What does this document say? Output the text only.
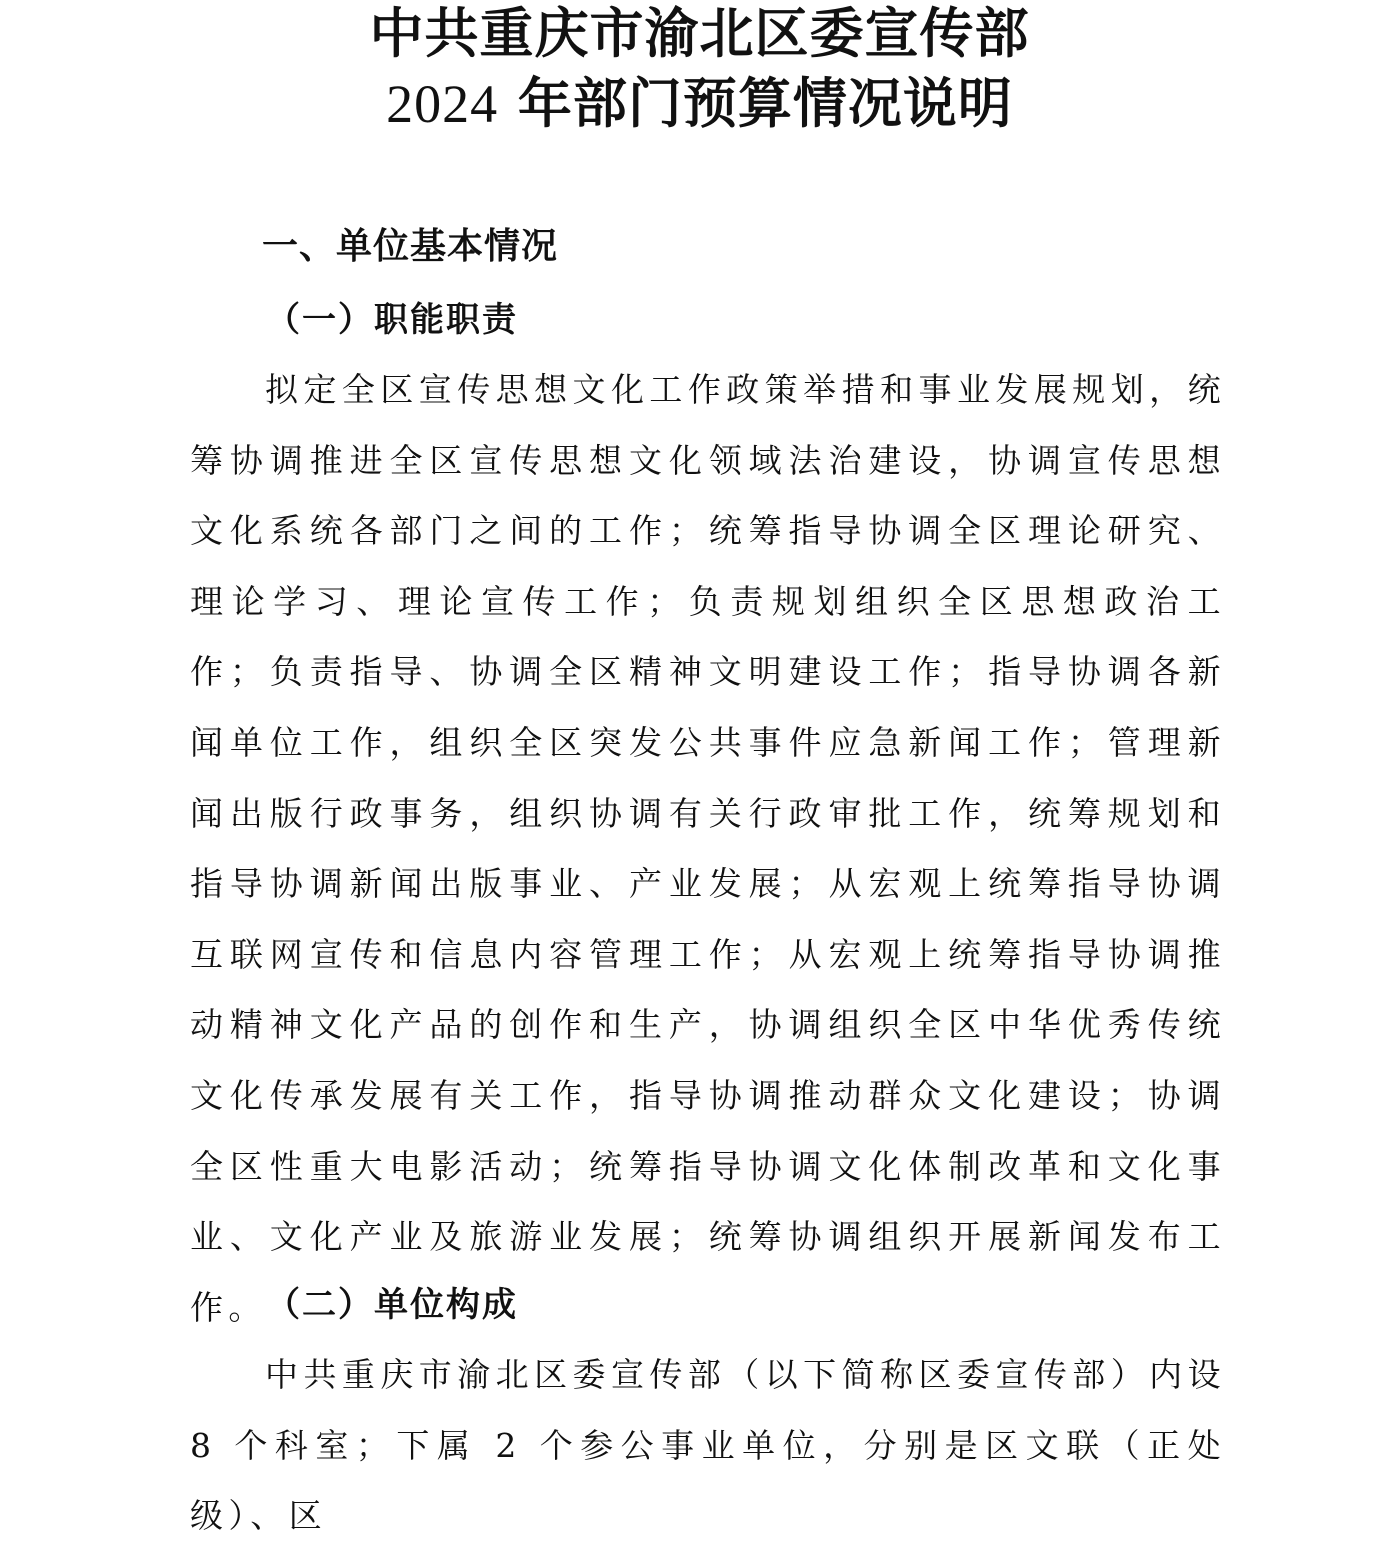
中共重庆市渝北区委宣传部
2024 年部门预算情况说明
一、单位基本情况
（一）职能职责

拟定全区宣传思想文化工作政策举措和事业发展规划，统筹协调推进全区宣传思想文化领域法治建设，协调宣传思想文化系统各部门之间的工作；统筹指导协调全区理论研究、理论学习、理论宣传工作；负责规划组织全区思想政治工作；负责指导、协调全区精神文明建设工作；指导协调各新闻单位工作，组织全区突发公共事件应急新闻工作；管理新闻出版行政事务，组织协调有关行政审批工作，统筹规划和指导协调新闻出版事业、产业发展；从宏观上统筹指导协调互联网宣传和信息内容管理工作；从宏观上统筹指导协调推动精神文化产品的创作和生产，协调组织全区中华优秀传统文化传承发展有关工作，指导协调推动群众文化建设；协调全区性重大电影活动；统筹指导协调文化体制改革和文化事业、文化产业及旅游业发展；统筹协调组织开展新闻发布工作。 （二）单位构成

中共重庆市渝北区委宣传部（以下简称区委宣传部）内设 8 个科室；下属 2 个参公事业单位，分别是区文联（正处级）、区
